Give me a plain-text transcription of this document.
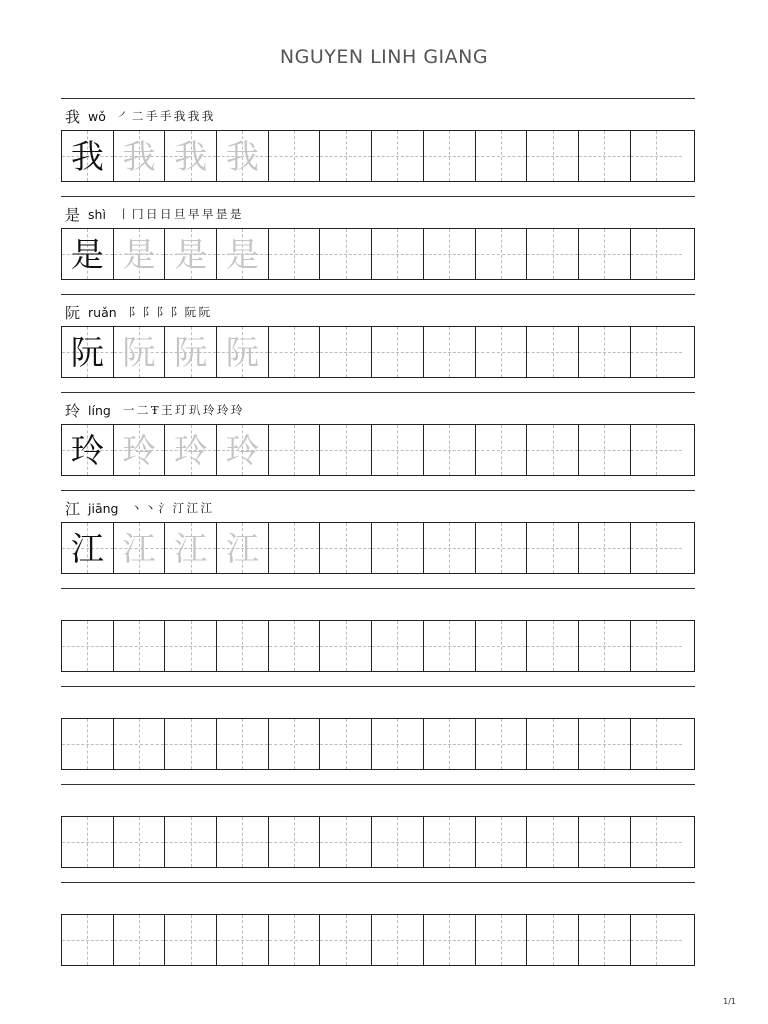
NGUYEN LINH GIANG
我 wǒ ㇒二手手我我我
我 我 我 我
是 shì 丨冂日日旦早早昰是
是 是 是 是
阮 ruǎn 阝阝阝阝阮阮
阮 阮 阮 阮
玲 líng 一二Ŧ王玎玐玲玲玲
玲 玲 玲 玲
江 jiāng 丶丶氵汀江江
江 江 江 江
1/1
